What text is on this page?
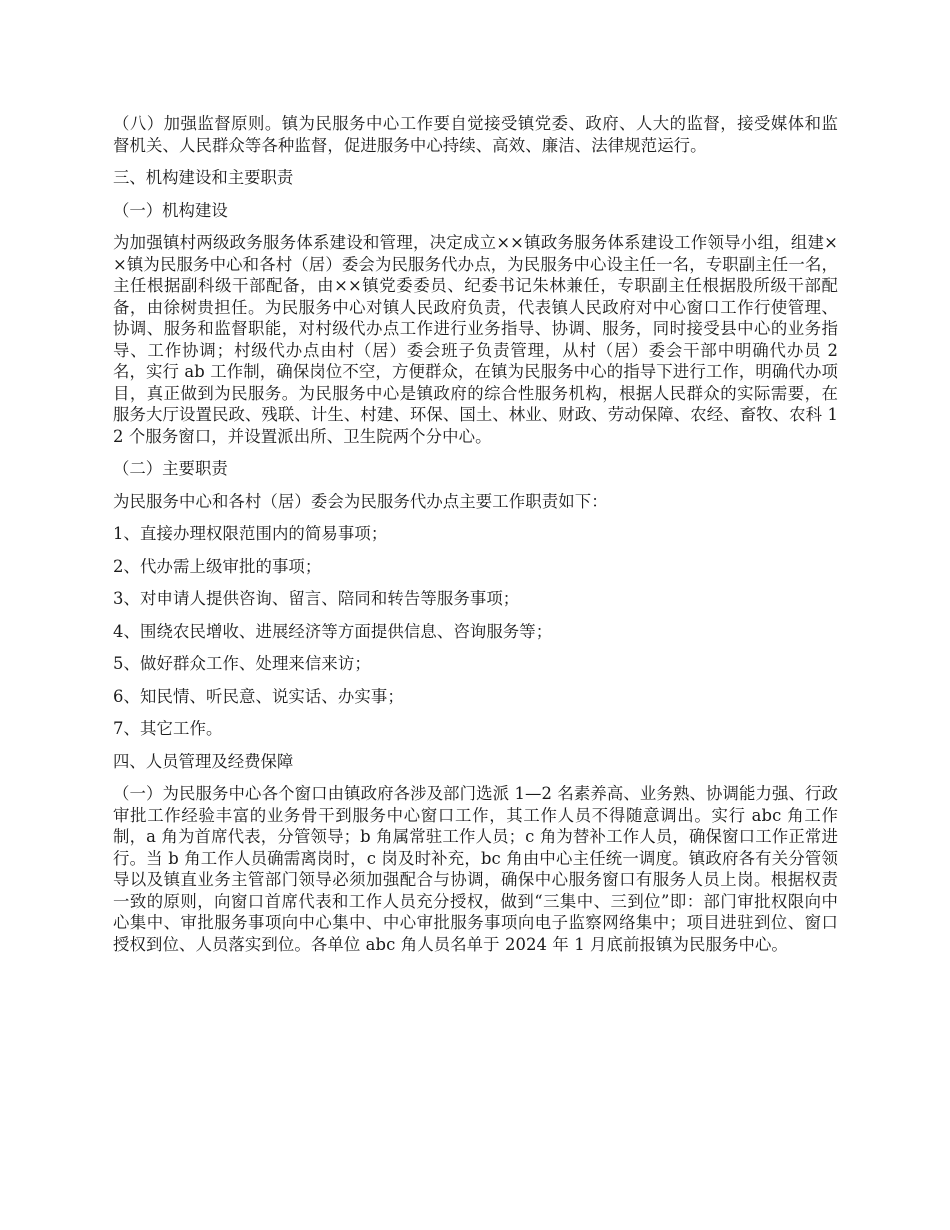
（八）加强监督原则。镇为民服务中心工作要自觉接受镇党委、政府、人大的监督，接受媒体和监督机关、人民群众等各种监督，促进服务中心持续、高效、廉洁、法律规范运行。

三、机构建设和主要职责

（一）机构建设

为加强镇村两级政务服务体系建设和管理，决定成立××镇政务服务体系建设工作领导小组，组建××镇为民服务中心和各村（居）委会为民服务代办点，为民服务中心设主任一名，专职副主任一名，主任根据副科级干部配备，由××镇党委委员、纪委书记朱林兼任，专职副主任根据股所级干部配备，由徐树贵担任。为民服务中心对镇人民政府负责，代表镇人民政府对中心窗口工作行使管理、协调、服务和监督职能，对村级代办点工作进行业务指导、协调、服务，同时接受县中心的业务指导、工作协调；村级代办点由村（居）委会班子负责管理，从村（居）委会干部中明确代办员 2 名，实行 ab 工作制，确保岗位不空，方便群众，在镇为民服务中心的指导下进行工作，明确代办项目，真正做到为民服务。为民服务中心是镇政府的综合性服务机构，根据人民群众的实际需要，在服务大厅设置民政、残联、计生、村建、环保、国土、林业、财政、劳动保障、农经、畜牧、农科 12 个服务窗口，并设置派出所、卫生院两个分中心。

（二）主要职责

为民服务中心和各村（居）委会为民服务代办点主要工作职责如下：

1、直接办理权限范围内的简易事项；

2、代办需上级审批的事项；

3、对申请人提供咨询、留言、陪同和转告等服务事项；

4、围绕农民增收、进展经济等方面提供信息、咨询服务等；

5、做好群众工作、处理来信来访；

6、知民情、听民意、说实话、办实事；

7、其它工作。

四、人员管理及经费保障

（一）为民服务中心各个窗口由镇政府各涉及部门选派 1—2 名素养高、业务熟、协调能力强、行政审批工作经验丰富的业务骨干到服务中心窗口工作，其工作人员不得随意调出。实行 abc 角工作制，a 角为首席代表，分管领导；b 角属常驻工作人员；c 角为替补工作人员，确保窗口工作正常进行。当 b 角工作人员确需离岗时，c 岗及时补充，bc 角由中心主任统一调度。镇政府各有关分管领导以及镇直业务主管部门领导必须加强配合与协调，确保中心服务窗口有服务人员上岗。根据权责一致的原则，向窗口首席代表和工作人员充分授权，做到“三集中、三到位”即：部门审批权限向中心集中、审批服务事项向中心集中、中心审批服务事项向电子监察网络集中；项目进驻到位、窗口授权到位、人员落实到位。各单位 abc 角人员名单于 2024 年 1 月底前报镇为民服务中心。
